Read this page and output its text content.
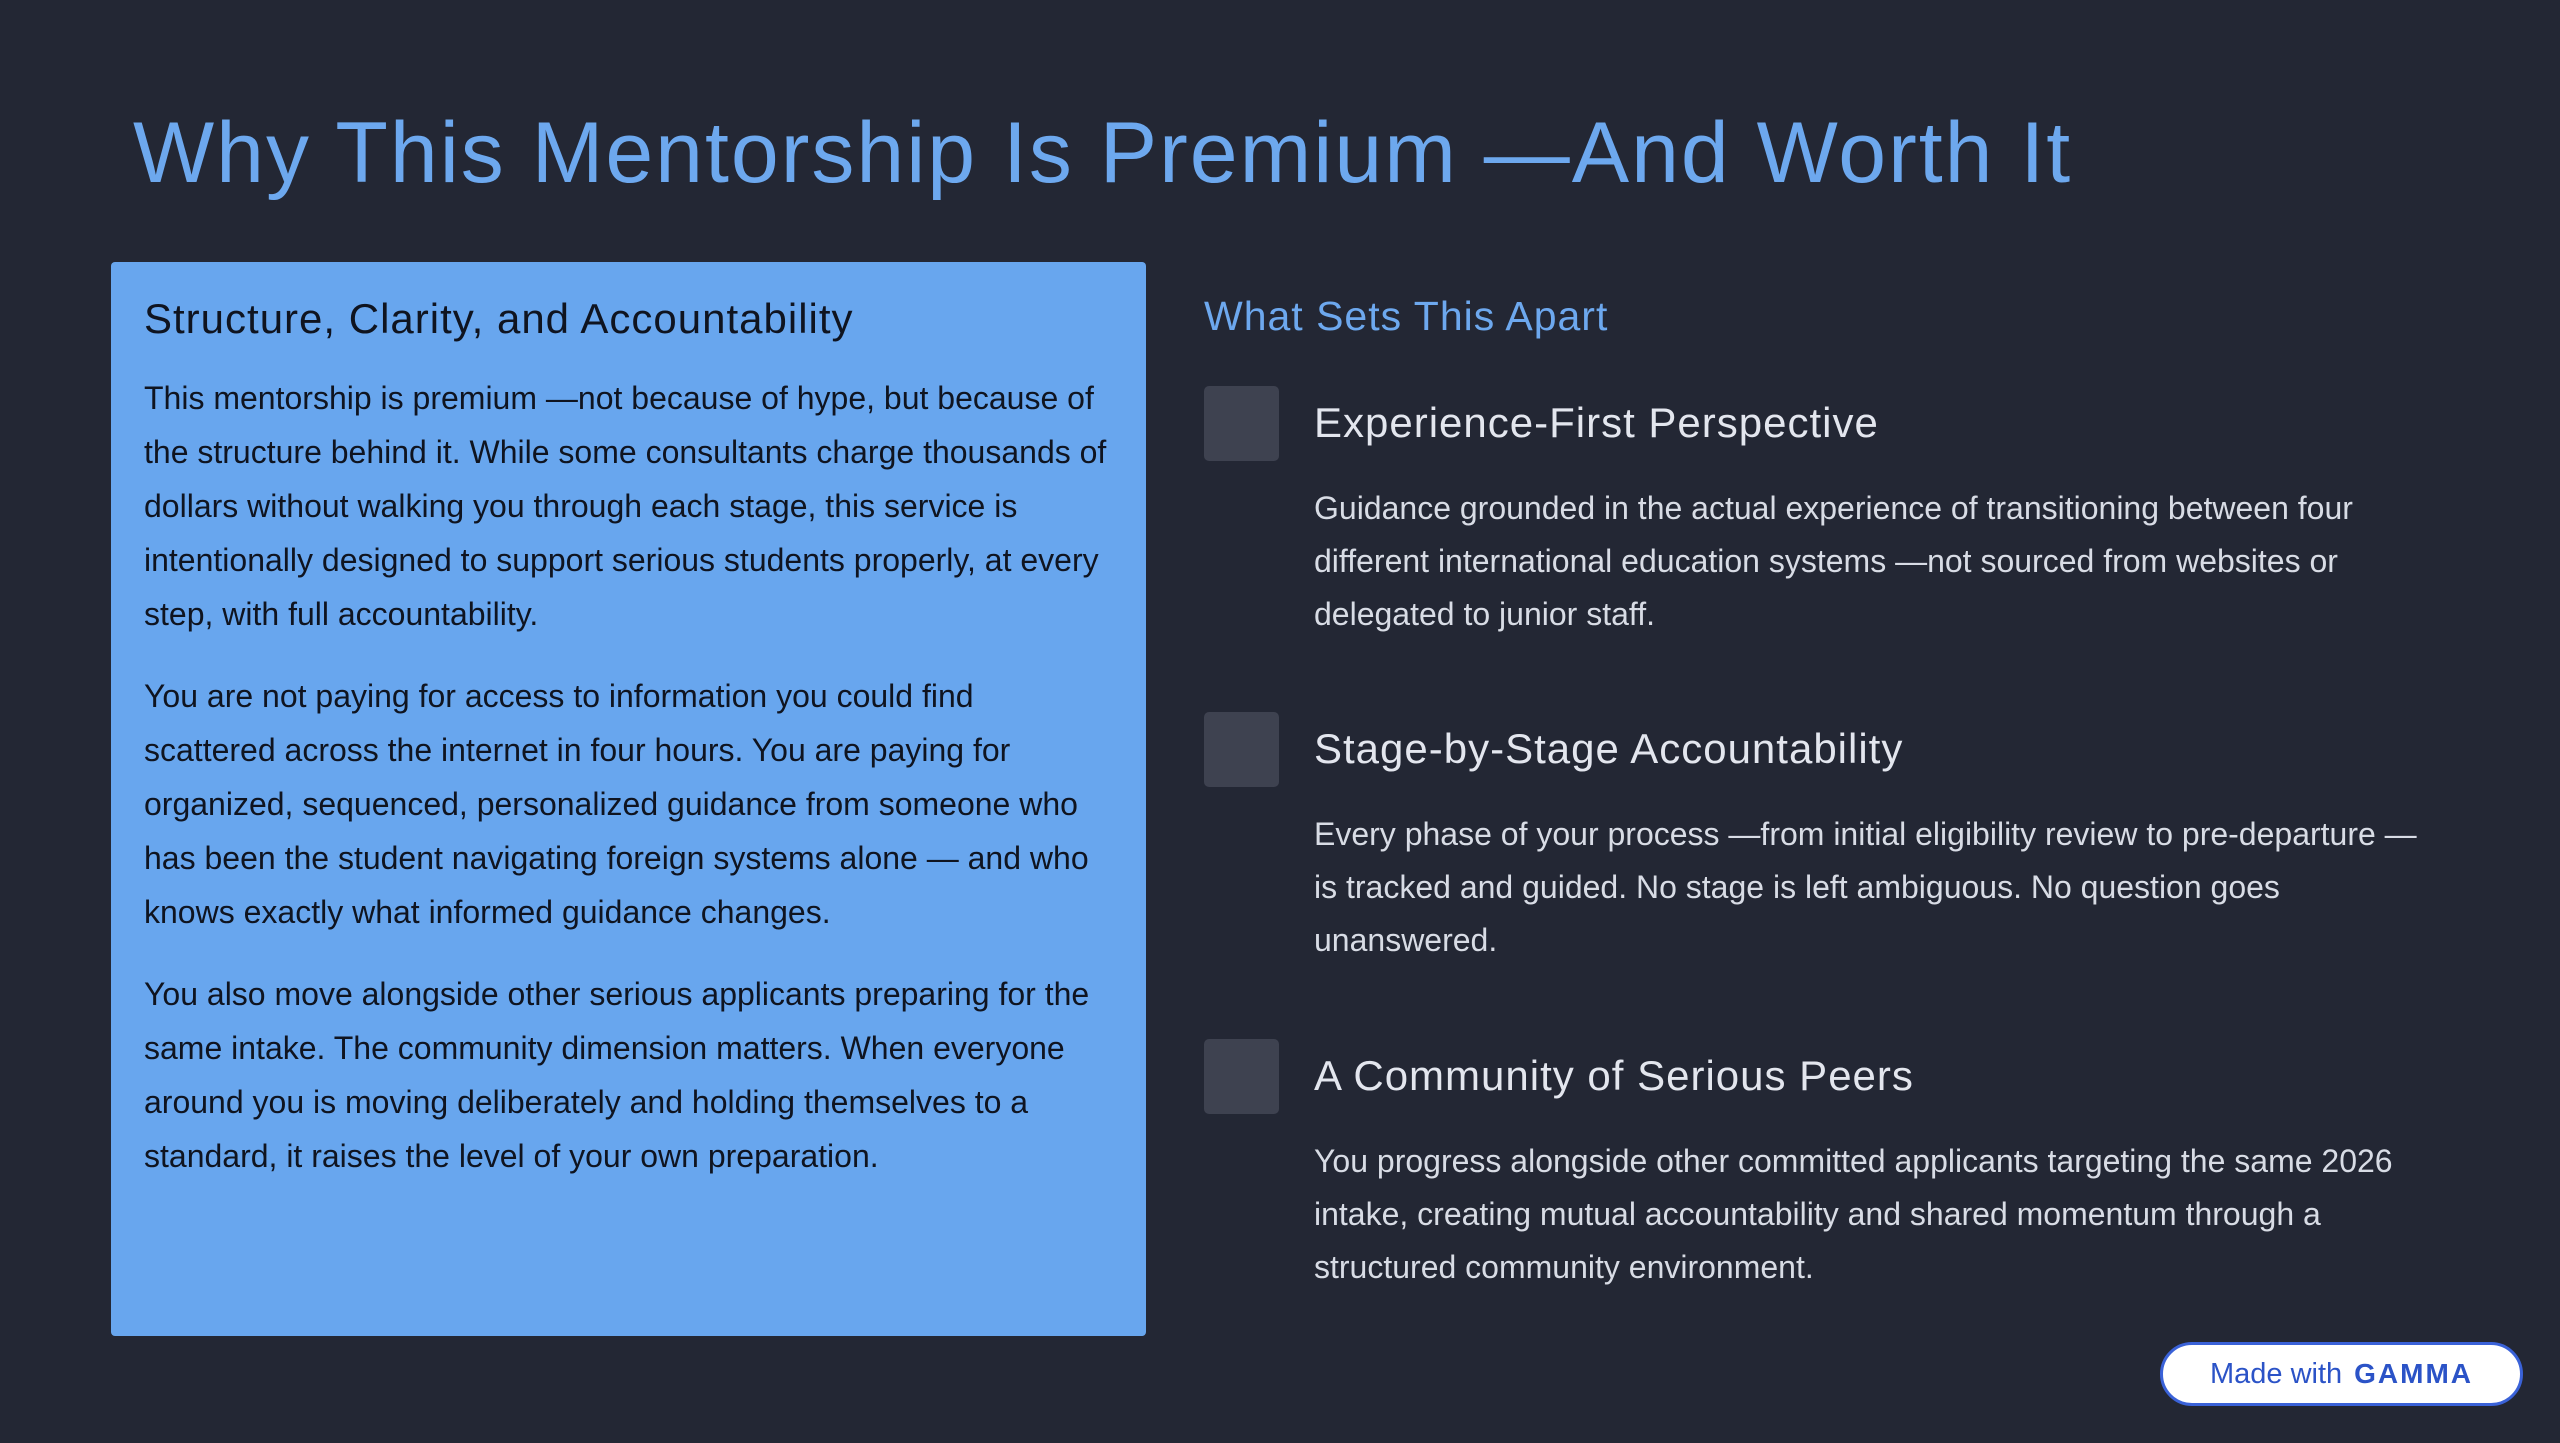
Why This Mentorship Is Premium —And Worth It
Structure, Clarity, and Accountability

This mentorship is premium —not because of hype, but because of the structure behind it. While some consultants charge thousands of dollars without walking you through each stage, this service is intentionally designed to support serious students properly, at every step, with full accountability.

You are not paying for access to information you could find scattered across the internet in four hours. You are paying for organized, sequenced, personalized guidance from someone who has been the student navigating foreign systems alone — and who knows exactly what informed guidance changes.

You also move alongside other serious applicants preparing for the same intake. The community dimension matters. When everyone around you is moving deliberately and holding themselves to a standard, it raises the level of your own preparation.

What Sets This Apart
Experience-First Perspective

Guidance grounded in the actual experience of transitioning between four different international education systems —not sourced from websites or delegated to junior staff.

Stage-by-Stage Accountability

Every phase of your process —from initial eligibility review to pre-departure —is tracked and guided. No stage is left ambiguous. No question goes unanswered.

A Community of Serious Peers

You progress alongside other committed applicants targeting the same 2026 intake, creating mutual accountability and shared momentum through a structured community environment.

Made with GAMMA
